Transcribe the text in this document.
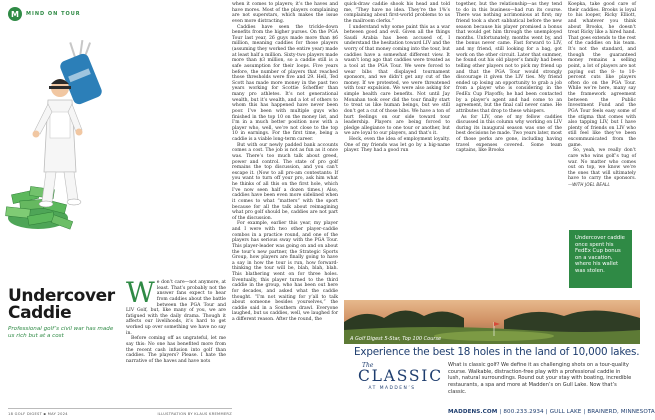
M	MIND ON TOUR
Undercover
Caddie
Professional golf’s civil war has made us rich but at a cost

We don’t care—not anymore, at least. That’s probably not the answer fans expect to hear from caddies about the battle between the PGA Tour and LIV Golf, but, like many of you, we are fatigued with the daily drama. Though it affects our livelihoods, it’s hard to get worked up over something we have no say in.

Before coming off as ungrateful, let me say this: No one has benefited more from the recent cash infusion into golf than caddies. The players? Please. I hate the narrative of the haves and have nots

when it comes to players; it’s the haves and have mores. Most of the players complaining are not superstars, which makes the issue even more distracting.

Caddies have seen the trickle-down benefits from the higher purses. On the PGA Tour last year, 26 guys made more than $6 million, meaning caddies for those players (assuming they worked the entire year) made at least half a million. Sixty-two players made more than $3 million, so a caddie still is a safe assumption for their loops. Five years before, the number of players that reached those thresholds were five and 29. Hell, Ted Scott has made more money in the past two years working for Scottie Scheffler than many pro athletes. It’s not generational wealth, but it’s wealth, and a lot of others to whom this has happened have never been poor. I’ve been with multiple guys who finished in the top 10 on the money list, and I’m in a much better position now with a player who, well, we’re not close to the top 10 in earnings. For the first time, being a caddie is a viable long-term career.

But with our newly padded bank accounts comes a cost. The job is not as fun as it once was. There’s too much talk about greed, power and control. The state of pro golf remains the top discussion, and you can’t escape it. (Now to all pro-am contestants: If you want to turn off your pro, ask him what he thinks of all this on the first hole, which I’ve now seen half a dozen times.) Also, caddies have been even more sidelined when it comes to what “matters” with the sport because for all the talk about reimagining what pro golf should be, caddies are not part of the discussion.

For example, earlier this year, my player and I were with two other player-caddie combos in a practice round, and one of the players has serious sway with the PGA Tour. This player-leader was going on and on about the tour’s new partner, the Strategic Sports Group, how players are finally going to have a say in how the tour is run, how forward-thinking the tour will be, blah, blah, blah. This blathering went on for three holes. Eventually, this player turned to the third caddie in the group, who has been out here for decades, and asked what the caddie thought. “I’m not waiting for y’all to talk about someone besides yourselves,” the caddie said in a Southern drawl. Everyone laughed, but us caddies, well, we laughed for a different reason. After the round, the

quick-draw caddie shook his head and told me, “They have no idea. They’re the 1%’s complaining about first-world problems to us the mailroom clerks.”

I understand why some paint this as a war between good and evil. Given all the things Saudi Arabia has been accused of, I understand the hesitation toward LIV and the worry of that money coming into the tour, but caddies have a somewhat different view. It wasn’t long ago that caddies were treated as a tool at the PGA Tour. We were forced to wear bibs that displayed tournament sponsors, and we didn’t get any cut of the money. If we protested, we were threatened with tour expulsion. We were also asking for simple health care benefits. Not until Jay Monahan took over did the tour finally start to treat us like human beings, but we still don’t get a cut of those bibs. We have a ton of hurt feelings on our side toward tour leadership. Players are being forced to pledge allegiance to one tour or another, but we are loyal to our players, and that’s it.

Heck, even the idea of employment loyalty. One of my friends was let go by a big-name player. They had a good run

together, but the relationship—as they tend to do in this business—had run its course. There was nothing acrimonious at first; my friend took a short sabbatical before the new season because his player promised a bonus that would get him through the unemployed months. Unfortunately, months went by, and the bonus never came. Fast forward to LIV, and my friend, still looking for a bag, got work on the other circuit. Later that summer, he found out his old player’s family had been telling other players not to pick my friend up and that the PGA Tour would strongly discourage it given the LIV ties. My friend ended up losing an opportunity to grab a job from a player who is considering in the FedEx Cup Playoffs; he had been contacted by a player’s agent and had come to an agreement, but the final call never came. He attributes that drop to these whispers.

As for LIV, one of my fellow caddies discussed in this column why working on LIV during its inaugural season was one of the best decisions he made. Two years later, most of those perks are gone, including having travel expenses covered. Some team captains, like Brooks

Koepka, take good care of their caddies. Brooks is loyal to his looper, Ricky Elliott, and whatever you think about Brooks, he doesn’t treat Ricky like a hired hand. That goes extends to the rest of the caddies on his team. It’s not the standard, and though the guaranteed money remains a selling point, a lot of players are not paying out the 8- to 10-percent cuts like players often do on the PGA Tour. While we’re here, many say the framework agreement between the Public Investment Fund and the PGA Tour feels easy some of the stigma that comes with also tapping LIV, but I have plenty of friends on LIV who still feel like they’ve been excommunicated from the game.

So, yeah, we really don’t care who wins golf’s tug of war. No matter who comes out on top, we know we’re the ones that will ultimately have to carry the sponsors. —WITH JOEL BEALL

Undercover caddie once spent his FedEx Cup bonus on a vacation, where his wallet was stolen.
18 GOLF DIGEST ▪ MAY 2024	ILLUSTRATION BY KLAUS KREMMERZ
A Golf Digest 5-Star, Top 100 Course
Experience the best 18 holes in the land of 10,000 lakes.
The
CLASSIC
AT MADDEN’S
What is classic golf? We define it as challenging shots on a tour-quality course. Walkable, distraction-free play with a professional caddie in lush, natural surroundings. Round out your stay with boating, incredible restaurants, a spa and more at Madden’s on Gull Lake. Now that’s classic.
MADDENS.COM | 800.233.2934 | GULL LAKE | BRAINERD, MINNESOTA
